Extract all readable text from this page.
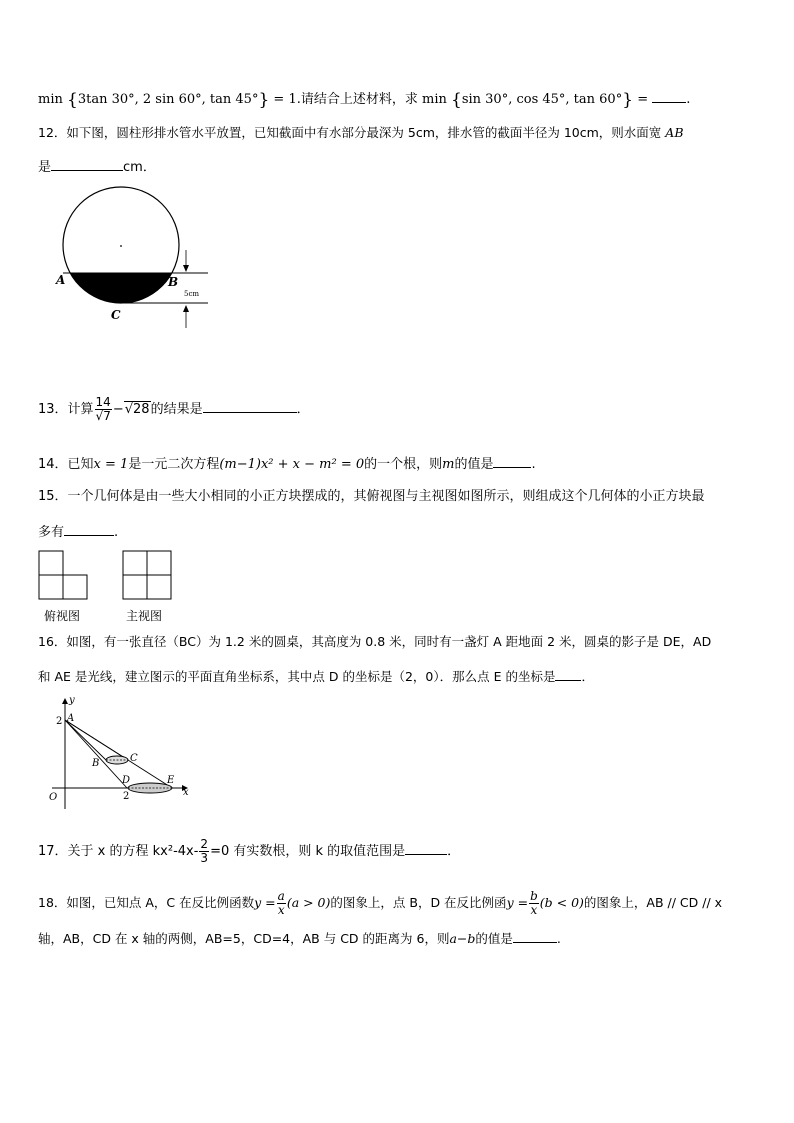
min {3tan 30°, 2 sin 60°, tan 45°} = 1.请结合上述材料，求 min {sin 30°, cos 45°, tan 60°} =	.
12．如下图，圆柱形排水管水平放置，已知截面中有水部分最深为 5cm，排水管的截面半径为 10cm，则水面宽 AB
是	cm．
A	B
C
5cm
13．计算 $\frac{14}{√7} -√28$的结果是	．
14．已知x = 1是一元二次方程(m−1)x² + x − m² = 0的一个根，则m的值是	.
15．一个几何体是由一些大小相同的小正方块摆成的，其俯视图与主视图如图所示，则组成这个几何体的小正方块最
多有	.
俯视图	主视图
16．如图，有一张直径（BC）为 1.2 米的圆桌，其高度为 0.8 米，同时有一盏灯 A 距地面 2 米，圆桌的影子是 DE，AD
和 AE 是光线，建立图示的平面直角坐标系，其中点 D 的坐标是（2，0）．那么点 E 的坐标是 ．
y
x
O
2
2
A
B	C
D	E
17．关于 x 的方程 $kx^2-4x- \frac{2}{3} =0$ 有实数根，则 k 的取值范围是	．
18．如图，已知点 A，C 在反比例函数$y = \frac{a}{x} (a > 0)$的图象上，点 B，D 在反比例函$y = \frac{b}{x} (b < 0)$的图象上，AB // CD // x
轴，AB，CD 在 x 轴的两侧，AB=5，CD=4，AB 与 CD 的距离为 6，则a−b的值是	.
